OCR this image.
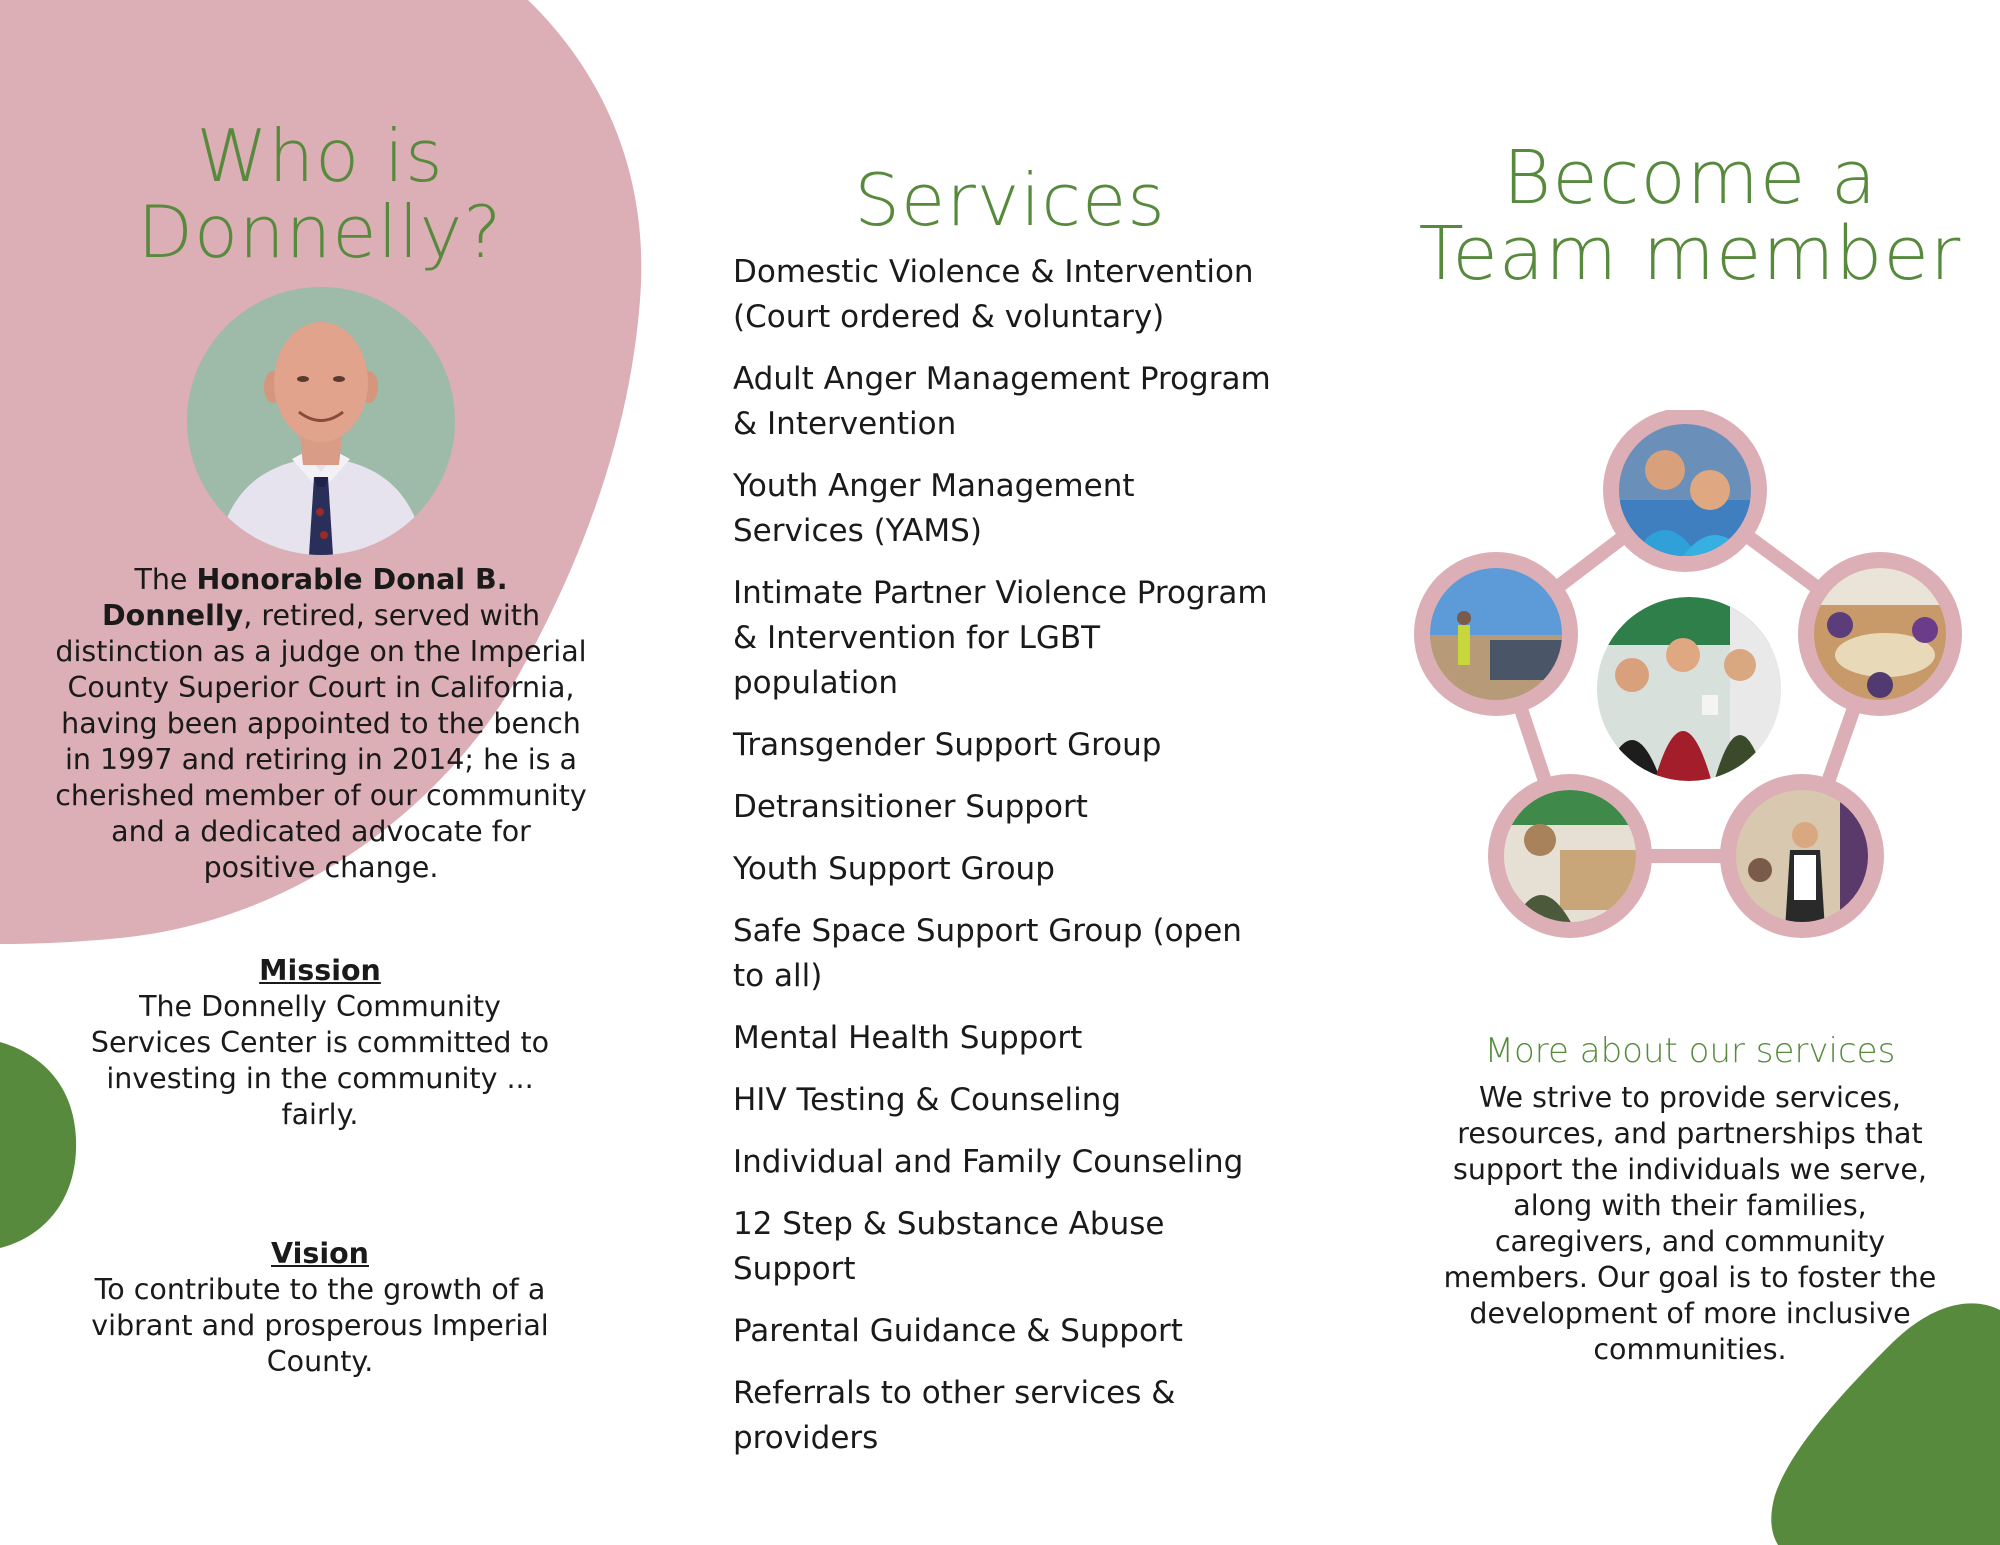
Who is
Donnelly?

The Honorable Donal B. Donnelly, retired, served with distinction as a judge on the Imperial County Superior Court in California, having been appointed to the bench in 1997 and retiring in 2014; he is a cherished member of our community and a dedicated advocate for positive change.

Mission
The Donnelly Community Services Center is committed to investing in the community ... fairly.
Vision
To contribute to the growth of a vibrant and prosperous Imperial County.
Services
Domestic Violence & Intervention (Court ordered & voluntary)
Adult Anger Management Program & Intervention
Youth Anger Management Services (YAMS)
Intimate Partner Violence Program & Intervention for LGBT population
Transgender Support Group
Detransitioner Support
Youth Support Group
Safe Space Support Group (open to all)
Mental Health Support
HIV Testing & Counseling
Individual and Family Counseling
12 Step & Substance Abuse Support
Parental Guidance & Support
Referrals to other services & providers
Become a
Team member
More about our services

We strive to provide services, resources, and partnerships that support the individuals we serve, along with their families, caregivers, and community members. Our goal is to foster the development of more inclusive communities.
